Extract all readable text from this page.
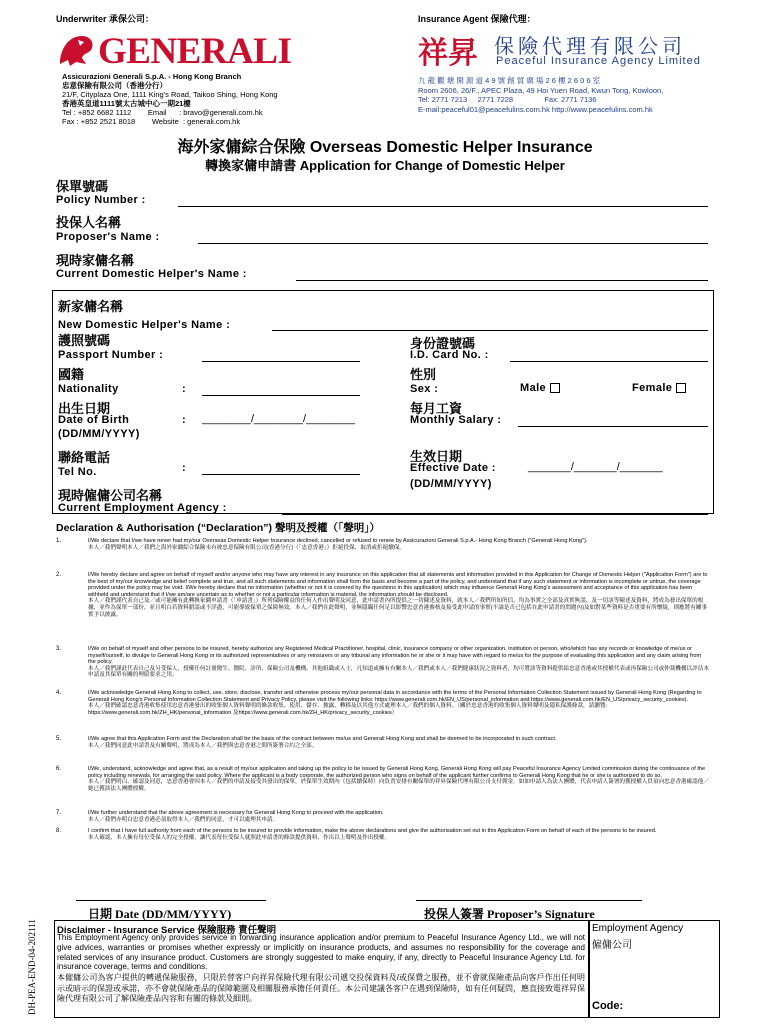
Underwriter 承保公司：	Insurance Agent 保險代理：
GENERALI
Assicurazioni Generali S.p.A. - Hong Kong Branch
忠意保險有限公司（香港分行）
21/F, Cityplaza One, 1111 King's Road, Taikoo Shing, Hong Kong
香港英皇道1111號太古城中心一期21樓
Tel : +852 6682 1112        Email      : bravo@generali.com.hk
Fax : +852 2521 8018        Website  : generali.com.hk
祥昇 保險代理有限公司
Peaceful Insurance Agency Limited
九 龍 觀 塘 開 源 道 4 9 號 創 貿 廣 場 2 6 樓 2 6 0 6 室
Room 2606, 26/F., APEC Plaza, 49 Hoi Yuen Road, Kwun Tong, Kowloon,
Tel: 2771 7213     2771 7228               Fax: 2771 7136
E-mail:peaceful01@peacefulins.com.hk http://www.peacefulins.com.hk
海外家傭綜合保險 Overseas Domestic Helper Insurance
轉換家傭申請書 Application for Change of Domestic Helper
保單號碼
Policy Number :
投保人名稱
Proposer's Name :
現時家傭名稱
Current Domestic Helper's Name :
新家傭名稱
New Domestic Helper's Name :
護照號碼
Passport Number :
身份證號碼
I.D. Card No. :
國籍
Nationality	:
性別
Sex :	Male	Female
出生日期
Date of Birth
(DD/MM/YYYY)
: ________/________/________
每月工資
Monthly Salary :
聯絡電話
Tel No.	:
生效日期
Effective Date :
(DD/MM/YYYY)
_______/_______/_______
現時僱傭公司名稱
Current Employment Agency :
Declaration & Authorisation (“Declaration”) 聲明及授權（「聲明」）
1.	I/We declare that I/we have never had my/our Overseas Domestic Helper Insurance declined, cancelled or refused to renew by Assicurazioni Generali S.p.A.- Hong Kong Branch ("Generali Hong Kong").

本人／我們聲明本人／我們之海外家傭綜合保險未有被忠意保險有限公司(香港分行)（「忠意香港」）拒絕投保、取消或拒絕續保。

2.	I/We hereby declare and agree on behalf of myself and/or anyone who may have any interest in any insurance on this application that all statements and information provided in this Application for Change of Domestic Helper ("Application Form") are to the best of my/our knowledge and belief complete and true, and all such statements and information shall form the basis and become a part of the policy, and understand that if any such statement or information is incomplete or untrue, the coverage provided under the policy may be void. I/We hereby declare that no information (whether or not it is covered by the questions in this application) which may influence Generali Hong Kong's assessment and acceptance of this application has been withheld and understand that if I/we am/are uncertain as to whether or not a particular information is material, the information should be disclosed.

本人／我們謹代表自己及／或可能擁有此轉換家傭申請書（「申請書」）所列保險權益的任何人作出聲明及同意，此申請書內所提供之一切陳述及資料，就本人／我們所知所信，均為事實之全部及真實無誤，及一切該等陳述及資料，將成為發出保單的根據，並作為保單一部份，並且明白若資料錯誤或不詳盡，可能導致保單之保障無效。本人／我們在此聲明，並無隱瞞任何足以影響忠意香港審核及接受此申請的事實(不論是否已包括在此申請書的問題內)及如對某些資料是否重要有所懷疑，則應將有關事實予以披露。

3.	I/We on behalf of myself and other persons to be insured, hereby authorize any Registered Medical Practitioner, hospital, clinic, insurance company or other organization, institution or person, who/which has any records or knowledge of me/us or myself/ourself, to divulge to Generali Hong Kong or its authorized representatives or any reinsurers or any tribunal any information he or she or it may have with regard to me/us for the purpose of evaluating this application and any claim arising from the policy.

本人／我們謹此代表自己及另受保人，授權任何註冊醫生、醫院、診所、保險公司及機構、其他組織或人士，凡知道或擁有有關本人／我們或本人／我們健康狀況之資料者，均可將該等資料提供給忠意香港或其授權代表或再保險公司或仲裁機構以評估本申請及其保單有關的理賠要求之用。

4.	I/We acknowledge Generali Hong Kong to collect, use, store, disclose, transfer and otherwise process my/our personal data in accordance with the terms of the Personal Information Collection Statement issued by Generali Hong Kong (Regarding to Generali Hong Kong's Personal Information Collection Statement and Privacy Policy, please visit the following links: https://www.generali.com.hk/EN_US/personal_information and https://www.generali.com.hk/EN_US/privacy_security_cookies).

本人／我們確認忠意香港收集使用忠意香港發出的收集個人資料聲明的條款收集、使用、儲存、披露、轉移及以其他方式處理本人／我們的個人資料。（關於忠意香港的收集個人資料聲明及隱私保護條款，請瀏覽：https://www.generali.com.hk/ZH_HK/personal_information 及https://www.generali.com.hk/ZH_HK/privacy_security_cookies）

5.	I/We agree that this Application Form and the Declaration shall be the basis of the contract between me/us and Generali Hong Kong and shall be deemed to be incorporated in such contract.

本人／我們同意此申請書及有關聲明，將成為本人／我們與忠意香港之間所簽署合約之全部。

6.	I/We, understand, acknowledge and agree that, as a result of my/our application and taking up the policy to be issued by Generali Hong Kong, Generali Hong Kong will pay Peaceful Insurance Agency Limited commission during the continuance of the policy including renewals, for arranging the said policy. Where the applicant is a body corporate, the authorized person who signs on behalf of the applicant further confirms to Generali Hong Kong that he or she is authorized to do so.

本人／我們明白、確認及同意，忠意香港會因本人／我們的申請及接受其發出的保單，於保單生效期內（包括續保時）向負責安排有關保單的祥昇保險代理有限公司支付佣金。如如申請人為法人團體，代表申請人簽署的獲授權人員須向忠意香港確認他／她已獲該法人團體授權。

7.	I/We further understand that the above agreement is necessary for Generali Hong Kong to proceed with the application.

本人／我們亦明白忠意香港必須取得本人／我們的同意，才可以處理其申請。

8.	I confirm that I have full authority from each of the persons to be insured to provide information, make the above declarations and give the authorisation set out in this Application Form on behalf of each of the persons to be insured.

本人確認，本人擁有每位受保人的完全授權，讓代表每位受保人就照此申請書的條款提供資料、作出以上聲明及作出授權。

DH-PEA-END-04-202111
日期 Date (DD/MM/YYYY)	投保人簽署 Proposer’s Signature
Disclaimer - Insurance Service 保險服務 責任聲明
This Employment Agency only provides service in forwarding insurance application and/or premium to Peaceful Insurance Agency Ltd., we will not give advices, warranties or promises whether expressly or implicitly on insurance products, and assumes no responsibility for the coverage and related services of any insurance product. Customers are strongly suggested to make enquiry, if any, directly to Peaceful Insurance Agency Ltd. for insurance coverage, terms and conditions.
本僱傭公司為客户提供的轉遞保險服務，只限於替客户向祥昇保險代理有限公司遞交投保資料及/或保費之服務，並不會就保險產品向客戶作出任何明示或暗示的保證或承諾，亦不會就保險產品的保障範圍及相關服務承擔任何責任。本公司建議各客户在遇到保險時，如有任何疑問，應直接致電祥昇保險代理有限公司了解保險產品內容和有關的條款及細則。
Employment Agency
僱傭公司
Code:
